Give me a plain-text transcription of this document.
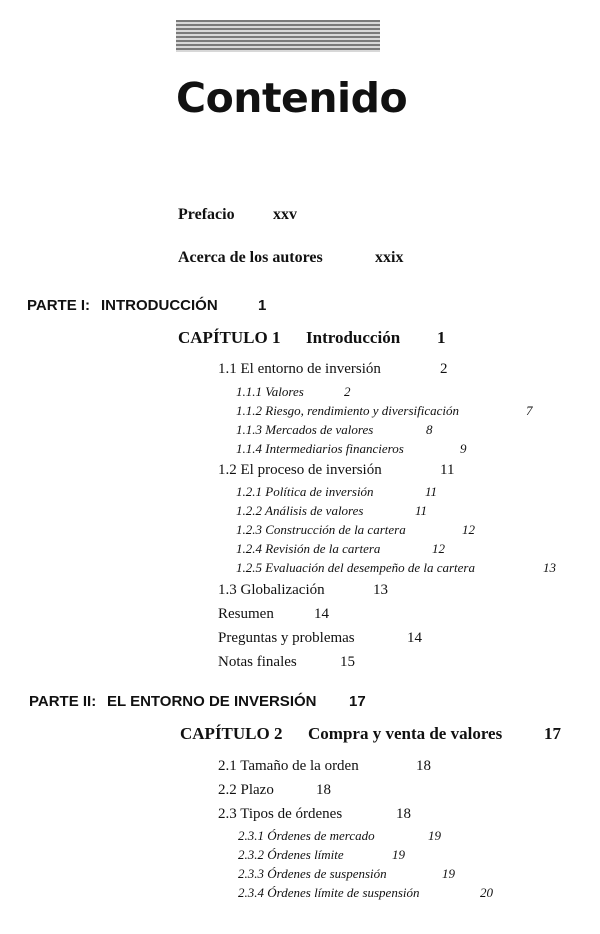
Contenido
Prefacio xxv
Acerca de los autores	xxix
PARTE I: INTRODUCCIÓN	1
CAPÍTULO 1 Introducción 1
1.1 El entorno de inversión	2
1.1.1 Valores	2
1.1.2 Riesgo, rendimiento y diversificación	7
1.1.3 Mercados de valores	8
1.1.4 Intermediarios financieros	9
1.2 El proceso de inversión	11
1.2.1 Política de inversión	11
1.2.2 Análisis de valores	11
1.2.3 Construcción de la cartera	12
1.2.4 Revisión de la cartera	12
1.2.5 Evaluación del desempeño de la cartera	13
1.3 Globalización	13
Resumen	14
Preguntas y problemas	14
Notas finales	15
PARTE II: EL ENTORNO DE INVERSIÓN 17
CAPÍTULO 2 Compra y venta de valores 17
2.1 Tamaño de la orden	18
2.2 Plazo	18
2.3 Tipos de órdenes	18
2.3.1 Órdenes de mercado	19
2.3.2 Órdenes límite	19
2.3.3 Órdenes de suspensión	19
2.3.4 Órdenes límite de suspensión	20
